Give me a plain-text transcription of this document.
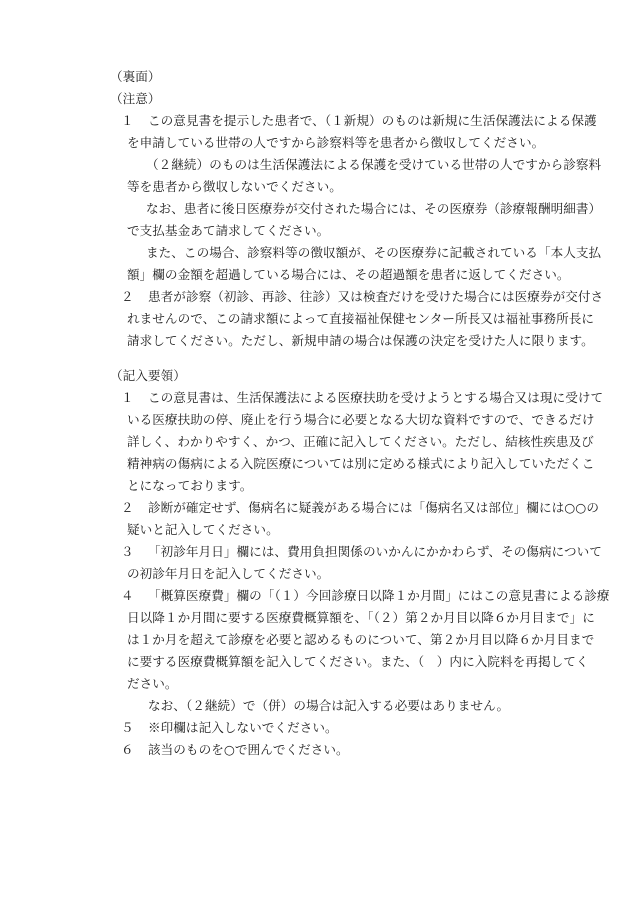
（裏面）
（注意）
１ この意見書を提示した患者で、（１新規）のものは新規に生活保護法による保護
を申請している世帯の人ですから診察料等を患者から徴収してください。
（２継続）のものは生活保護法による保護を受けている世帯の人ですから診察料
等を患者から徴収しないでください。
なお、患者に後日医療券が交付された場合には、その医療券（診療報酬明細書）
で支払基金あて請求してください。
また、この場合、診察料等の徴収額が、その医療券に記載されている「本人支払
額」欄の金額を超過している場合には、その超過額を患者に返してください。
２ 患者が診察（初診、再診、往診）又は検査だけを受けた場合には医療券が交付さ
れませんので、この請求額によって直接福祉保健センター所長又は福祉事務所長に
請求してください。ただし、新規申請の場合は保護の決定を受けた人に限ります。
（記入要領）
１ この意見書は、生活保護法による医療扶助を受けようとする場合又は現に受けて
いる医療扶助の停、廃止を行う場合に必要となる大切な資料ですので、できるだけ
詳しく、わかりやすく、かつ、正確に記入してください。ただし、結核性疾患及び
精神病の傷病による入院医療については別に定める様式により記入していただくこ
とになっております。
２ 診断が確定せず、傷病名に疑義がある場合には「傷病名又は部位」欄には○○の
疑いと記入してください。
３ 「初診年月日」欄には、費用負担関係のいかんにかかわらず、その傷病について
の初診年月日を記入してください。
４ 「概算医療費」欄の「（１）今回診療日以降１か月間」にはこの意見書による診療
日以降１か月間に要する医療費概算額を、「（２）第２か月目以降６か月目まで」に
は１か月を超えて診療を必要と認めるものについて、第２か月目以降６か月目まで
に要する医療費概算額を記入してください。また、（　）内に入院料を再掲してく
ださい。
なお、（２継続）で（併）の場合は記入する必要はありません。
５ ※印欄は記入しないでください。
６ 該当のものを○で囲んでください。
